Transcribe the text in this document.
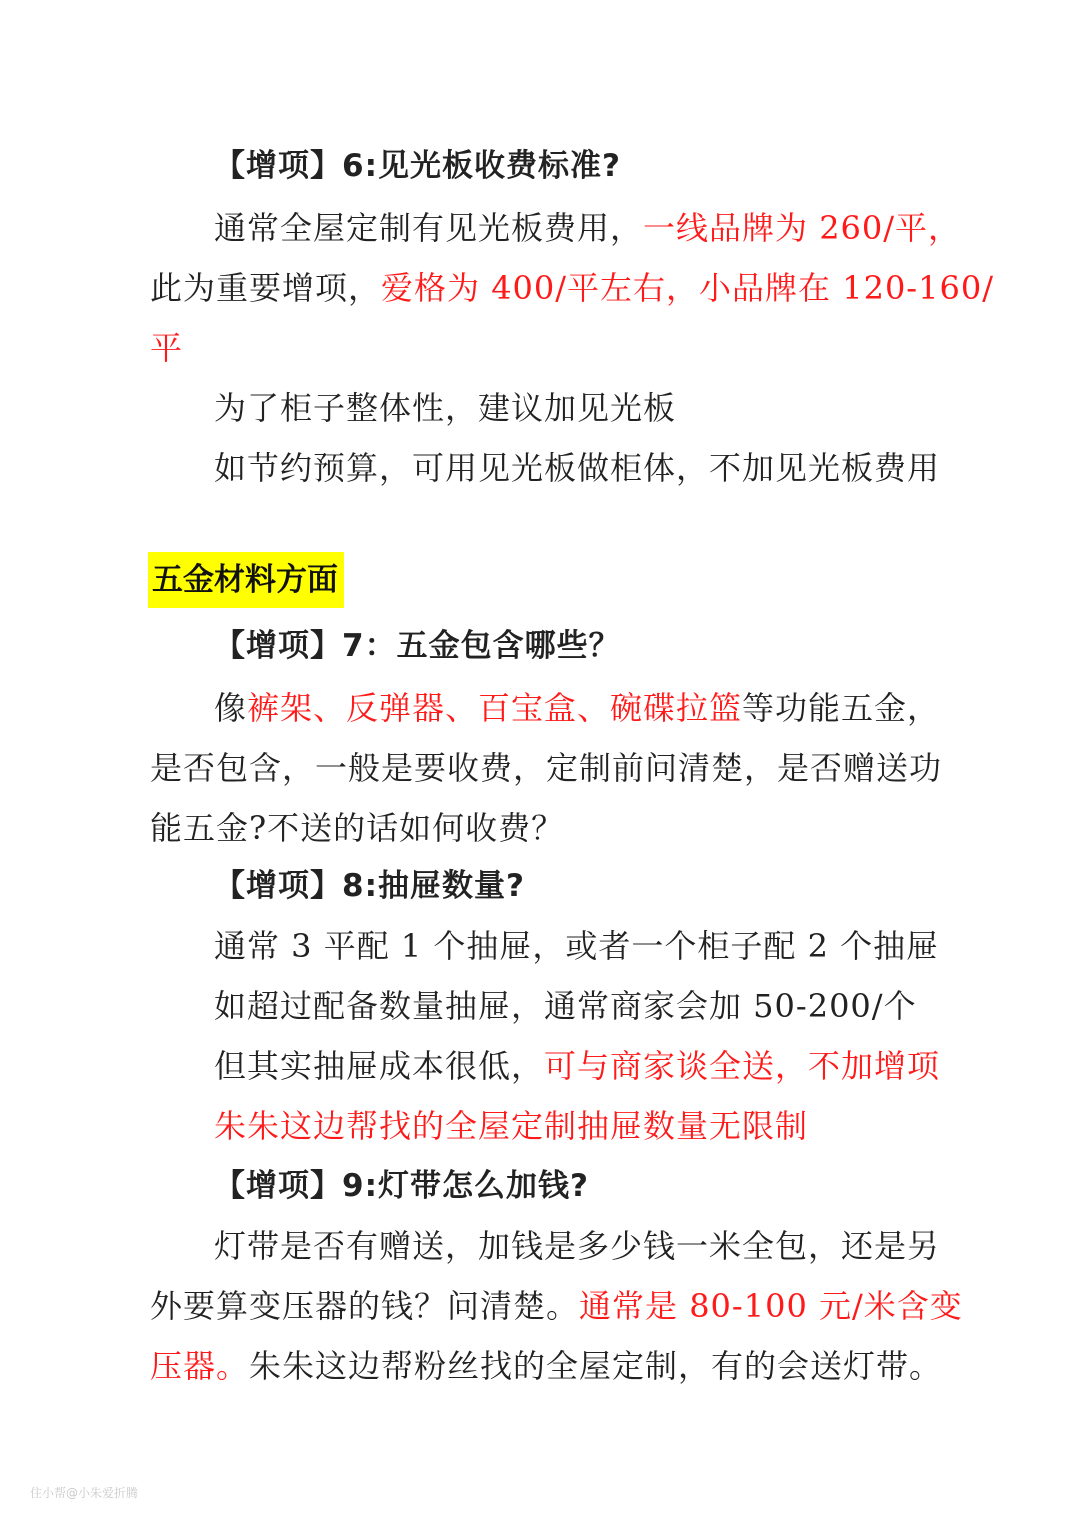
【增项】6:见光板收费标准?

通常全屋定制有见光板费用，一线品牌为 260/平，

此为重要增项，爱格为 400/平左右，小品牌在 120-160/

平

为了柜子整体性，建议加见光板

如节约预算，可用见光板做柜体，不加见光板费用

五金材料方面

【增项】7：五金包含哪些？

像裤架、反弹器、百宝盒、碗碟拉篮等功能五金，

是否包含，一般是要收费，定制前问清楚，是否赠送功

能五金?不送的话如何收费？

【增项】8:抽屉数量?

通常 3 平配 1 个抽屉，或者一个柜子配 2 个抽屉

如超过配备数量抽屉，通常商家会加 50-200/个

但其实抽屉成本很低，可与商家谈全送，不加增项

朱朱这边帮找的全屋定制抽屉数量无限制

【增项】9:灯带怎么加钱?

灯带是否有赠送，加钱是多少钱一米全包，还是另

外要算变压器的钱？问清楚。通常是 80-100 元/米含变

压器。朱朱这边帮粉丝找的全屋定制，有的会送灯带。

住小帮@小朱爱折腾
